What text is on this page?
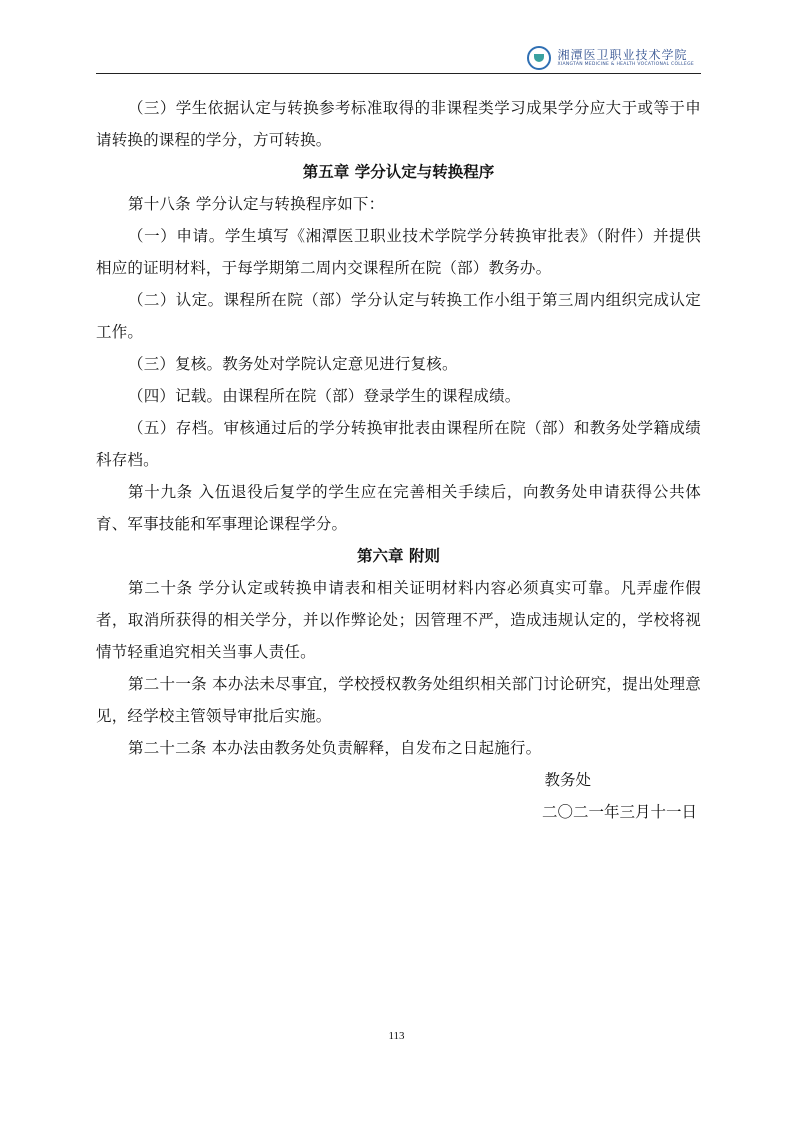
湘潭医卫职业技术学院
XIANGTAN MEDICINE & HEALTH VOCATIONAL COLLEGE

（三）学生依据认定与转换参考标准取得的非课程类学习成果学分应大于或等于申请转换的课程的学分，方可转换。

第五章 学分认定与转换程序

第十八条 学分认定与转换程序如下：

（一）申请。学生填写《湘潭医卫职业技术学院学分转换审批表》（附件）并提供相应的证明材料，于每学期第二周内交课程所在院（部）教务办。

（二）认定。课程所在院（部）学分认定与转换工作小组于第三周内组织完成认定工作。

（三）复核。教务处对学院认定意见进行复核。

（四）记载。由课程所在院（部）登录学生的课程成绩。

（五）存档。审核通过后的学分转换审批表由课程所在院（部）和教务处学籍成绩科存档。

第十九条 入伍退役后复学的学生应在完善相关手续后，向教务处申请获得公共体育、军事技能和军事理论课程学分。

第六章 附则

第二十条 学分认定或转换申请表和相关证明材料内容必须真实可靠。凡弄虚作假者，取消所获得的相关学分，并以作弊论处；因管理不严，造成违规认定的，学校将视情节轻重追究相关当事人责任。

第二十一条 本办法未尽事宜，学校授权教务处组织相关部门讨论研究，提出处理意见，经学校主管领导审批后实施。

第二十二条 本办法由教务处负责解释，自发布之日起施行。

教务处
二〇二一年三月十一日
113
